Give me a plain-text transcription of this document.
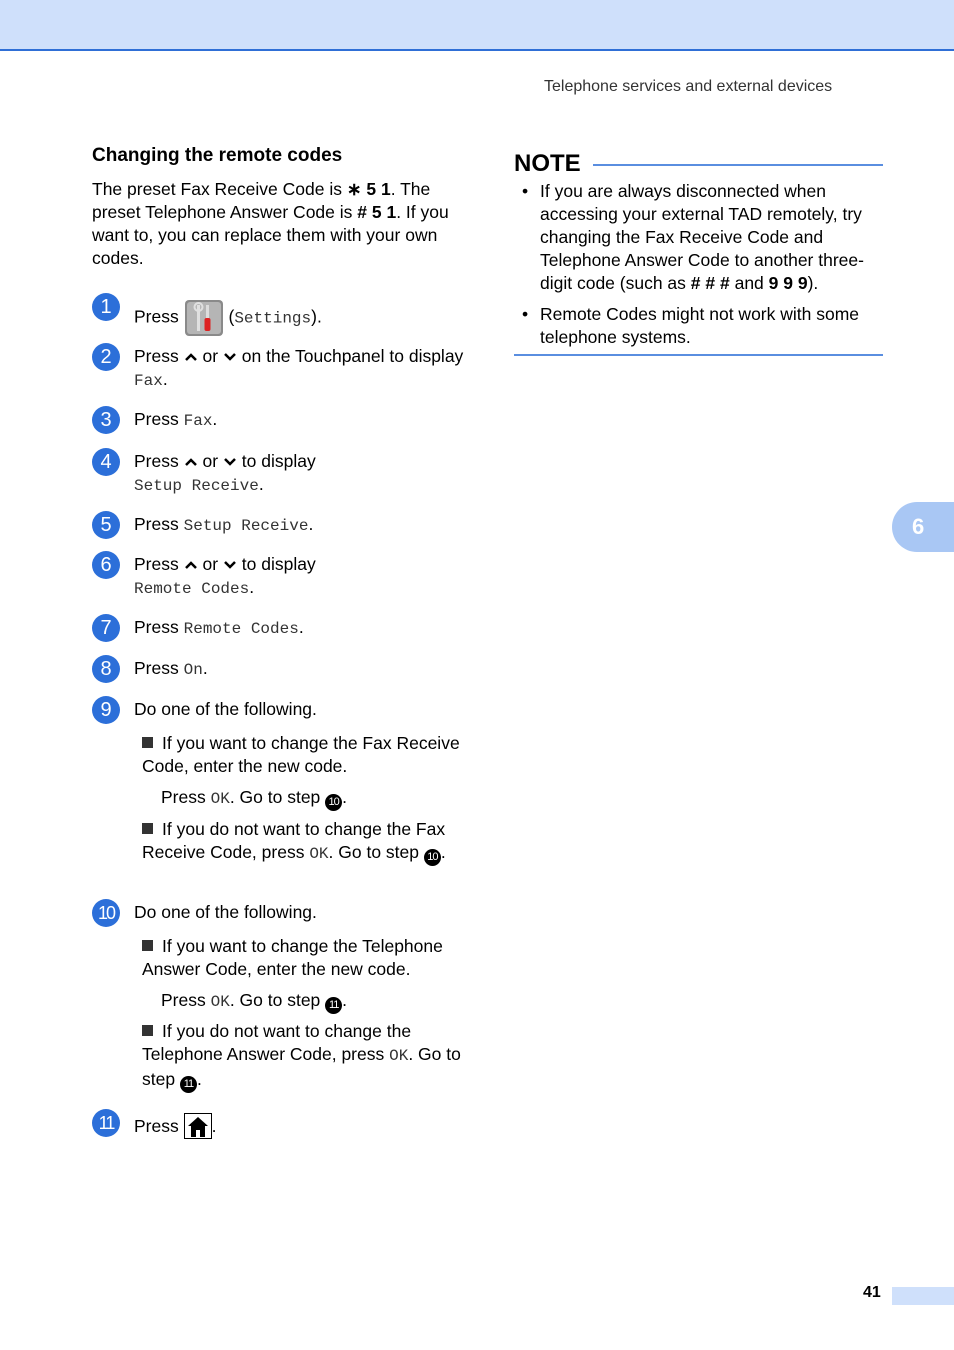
Telephone services and external devices
Changing the remote codes

The preset Fax Receive Code is ∗ 5 1. The preset Telephone Answer Code is # 5 1. If you want to, you can replace them with your own codes.

1	Press	(Settings).
2	Press or on the Touchpanel to display Fax.
3	Press Fax.
4	Press or to display
Setup Receive.
5	Press Setup Receive.
6	Press or to display
Remote Codes.
7	Press Remote Codes.
8	Press On.
9	Do one of the following.
If you want to change the Fax Receive Code, enter the new code.
Press OK. Go to step 10 .
If you do not want to change the Fax Receive Code, press OK. Go to step 10 .
10	Do one of the following.
If you want to change the Telephone Answer Code, enter the new code.
Press OK. Go to step 11 .
If you do not want to change the Telephone Answer Code, press OK. Go to step 11 .
11	Press .
NOTE
• If you are always disconnected when accessing your external TAD remotely, try changing the Fax Receive Code and Telephone Answer Code to another three-digit code (such as # # # and 9 9 9).
• Remote Codes might not work with some telephone systems.
6
41
